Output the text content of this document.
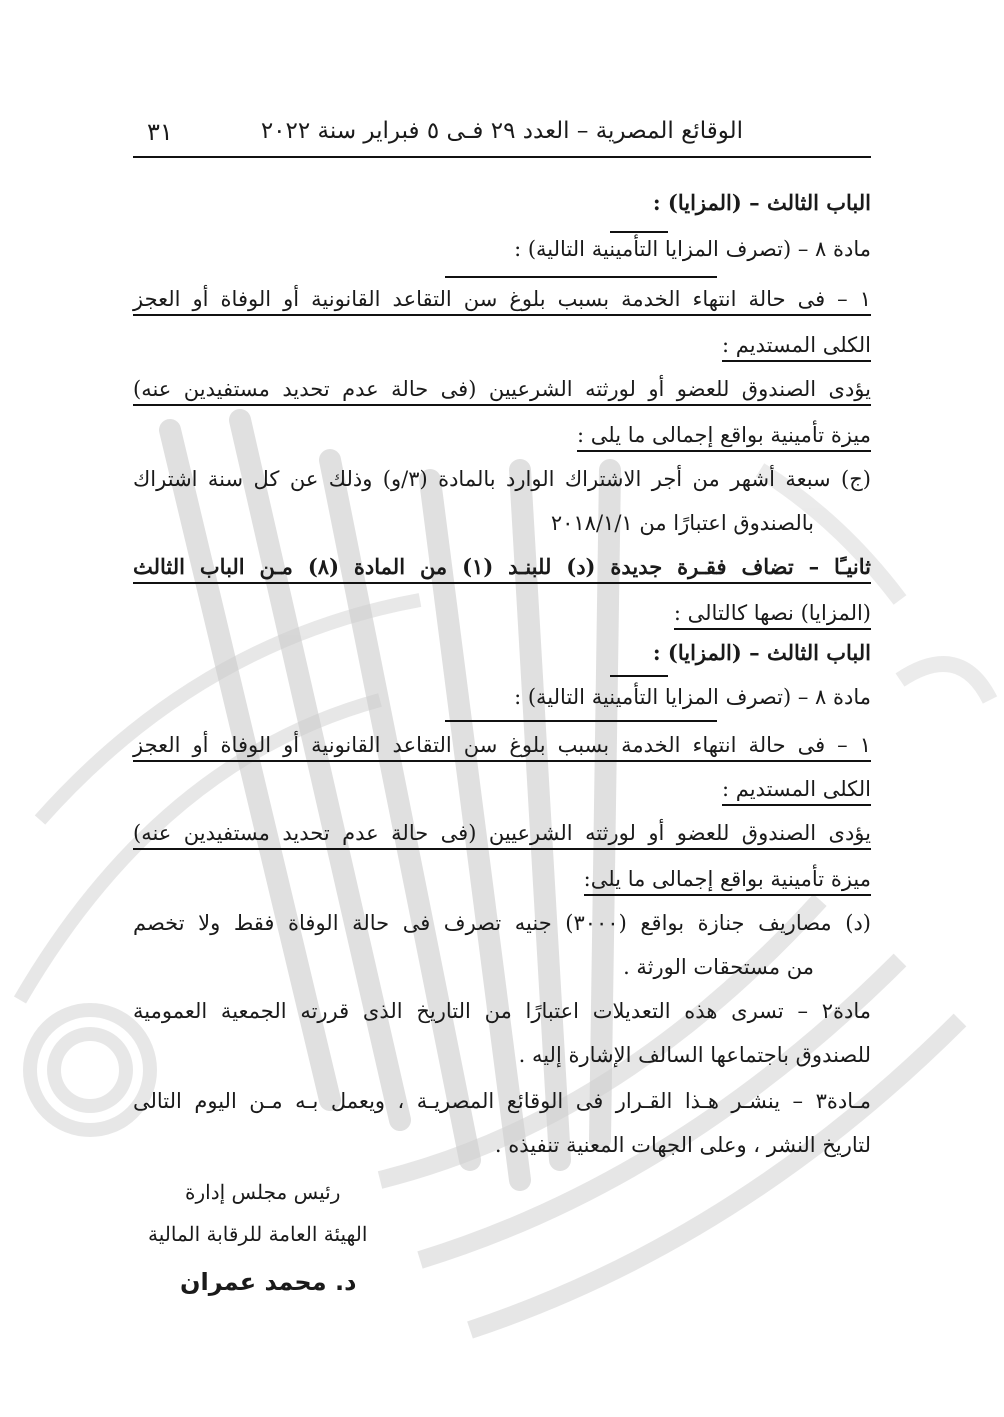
الوقائع المصرية – العدد ٢٩ فـى ٥ فبراير سنة ٢٠٢٢
٣١
الباب الثالث – (المزايا) :
مادة ٨ – (تصرف المزايا التأمينية التالية) :
١ – فى حالة انتهاء الخدمة بسبب بلوغ سن التقاعد القانونية أو الوفاة أو العجز
الكلى المستديم :
يؤدى الصندوق للعضو أو لورثته الشرعيين (فى حالة عدم تحديد مستفيدين عنه)
ميزة تأمينية بواقع إجمالى ما يلى :
(ج) سبعة أشهر من أجر الاشتراك الوارد بالمادة (٣/و) وذلك عن كل سنة اشتراك
بالصندوق اعتبارًا من ٢٠١٨/١/١
ثانيـًا – تضاف فقـرة جديدة (د) للبنـد (١) من المادة (٨) مـن الباب الثالث
(المزايا) نصها كالتالى :
الباب الثالث – (المزايا) :
مادة ٨ – (تصرف المزايا التأمينية التالية) :
١ – فى حالة انتهاء الخدمة بسبب بلوغ سن التقاعد القانونية أو الوفاة أو العجز
الكلى المستديم :
يؤدى الصندوق للعضو أو لورثته الشرعيين (فى حالة عدم تحديد مستفيدين عنه)
ميزة تأمينية بواقع إجمالى ما يلى:
(د) مصاريف جنازة بواقع (٣٠٠٠) جنيه تصرف فى حالة الوفاة فقط ولا تخصم
من مستحقات الورثة .
مادة٢ – تسرى هذه التعديلات اعتبارًا من التاريخ الذى قررته الجمعية العمومية
للصندوق باجتماعها السالف الإشارة إليه .
مـادة٣ – ينشـر هـذا القـرار فى الوقائع المصريـة ، ويعمل بـه مـن اليوم التالى
لتاريخ النشر ، وعلى الجهات المعنية تنفيذه .
رئيس مجلس إدارة
الهيئة العامة للرقابة المالية
د. محمد عمران
